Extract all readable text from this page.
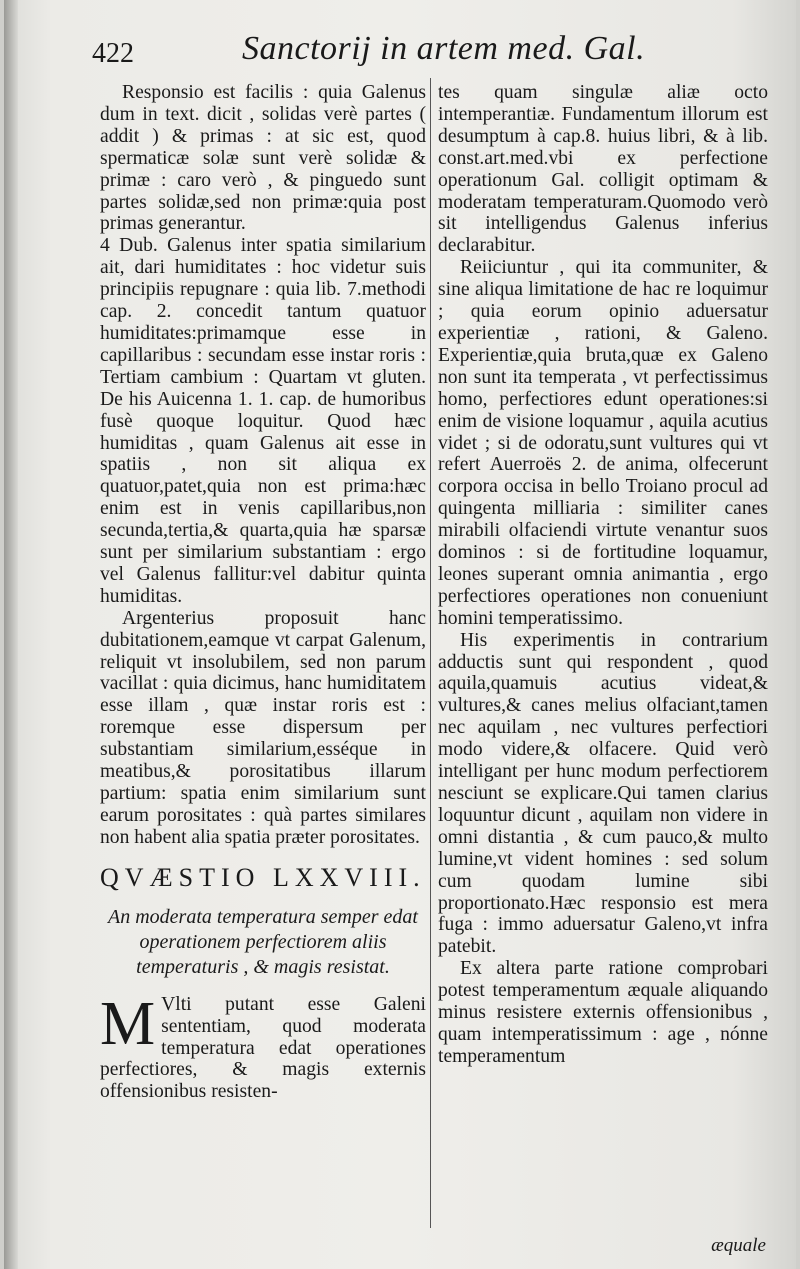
422	Sanctorij in artem med. Gal.

Responsio est facilis : quia Galenus dum in text. dicit , solidas verè partes ( addit ) & primas : at sic est, quod spermaticæ solæ sunt verè solidæ & primæ : caro verò , & pinguedo sunt partes solidæ,sed non primæ:quia post primas generantur.

4 Dub. Galenus inter spatia similarium ait, dari humiditates : hoc videtur suis principiis repugnare : quia lib. 7.methodi cap. 2. concedit tantum quatuor humiditates:primamque esse in capillaribus : secundam esse instar roris : Tertiam cambium : Quartam vt gluten. De his Auicenna 1. 1. cap. de humoribus fusè quoque loquitur. Quod hæc humiditas , quam Galenus ait esse in spatiis , non sit aliqua ex quatuor,patet,quia non est prima:hæc enim est in venis capillaribus,non secunda,tertia,& quarta,quia hæ sparsæ sunt per similarium substantiam : ergo vel Galenus fallitur:vel dabitur quinta humiditas.

Argenterius proposuit hanc dubitationem,eamque vt carpat Galenum, reliquit vt insolubilem, sed non parum vacillat : quia dicimus, hanc humiditatem esse illam , quæ instar roris est : roremque esse dispersum per substantiam similarium,esséque in meatibus,& porositatibus illarum partium: spatia enim similarium sunt earum porositates : quà partes similares non habent alia spatia præter porositates.

QVÆSTIO LXXVIII.

An moderata temperatura semper edat operationem perfectiorem aliis temperaturis , & magis resistat.

M Vlti putant esse Galeni sententiam, quod moderata temperatura edat operationes perfectiores, & magis externis offensionibus resisten-

tes quam singulæ aliæ octo intemperantiæ. Fundamentum illorum est desumptum à cap.8. huius libri, & à lib. const.art.med.vbi ex perfectione operationum Gal. colligit optimam & moderatam temperaturam.Quomodo verò sit intelligendus Galenus inferius declarabitur.

Reiiciuntur , qui ita communiter, & sine aliqua limitatione de hac re loquimur ; quia eorum opinio aduersatur experientiæ , rationi, & Galeno. Experientiæ,quia bruta,quæ ex Galeno non sunt ita temperata , vt perfectissimus homo, perfectiores edunt operationes:si enim de visione loquamur , aquila acutius videt ; si de odoratu,sunt vultures qui vt refert Auerroës 2. de anima, olfecerunt corpora occisa in bello Troiano procul ad quingenta milliaria : similiter canes mirabili olfaciendi virtute venantur suos dominos : si de fortitudine loquamur, leones superant omnia animantia , ergo perfectiores operationes non conueniunt homini temperatissimo.

His experimentis in contrarium adductis sunt qui respondent , quod aquila,quamuis acutius videat,& vultures,& canes melius olfaciant,tamen nec aquilam , nec vultures perfectiori modo videre,& olfacere. Quid verò intelligant per hunc modum perfectiorem nesciunt se explicare.Qui tamen clarius loquuntur dicunt , aquilam non videre in omni distantia , & cum pauco,& multo lumine,vt vident homines : sed solum cum quodam lumine sibi proportionato.Hæc responsio est mera fuga : immo aduersatur Galeno,vt infra patebit.

Ex altera parte ratione comprobari potest temperamentum æquale aliquando minus resistere externis offensionibus , quam intemperatissimum : age , nónne temperamentum

æquale
